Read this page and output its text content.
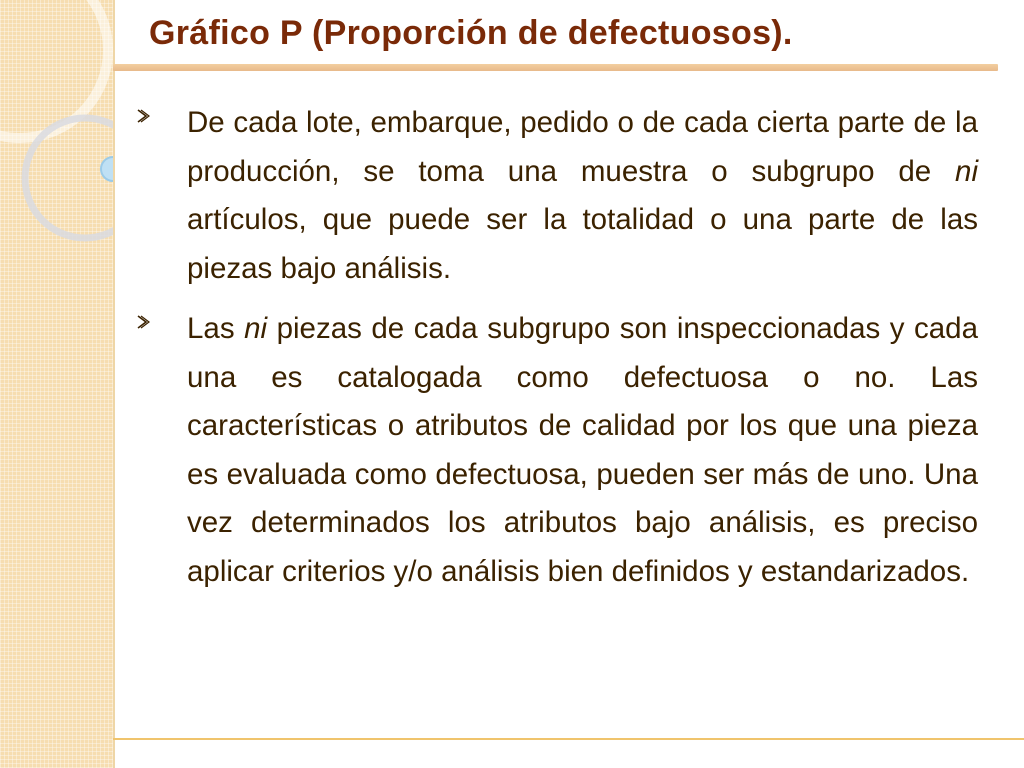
Gráfico P (Proporción de defectuosos).
De cada lote, embarque, pedido o de cada cierta parte de la producción, se toma una muestra o subgrupo de ni artículos, que puede ser la totalidad o una parte de las piezas bajo análisis.
Las ni piezas de cada subgrupo son inspeccionadas y cada una es catalogada como defectuosa o no. Las características o atributos de calidad por los que una pieza es evaluada como defectuosa, pueden ser más de uno. Una vez determinados los atributos bajo análisis, es preciso aplicar criterios y/o análisis bien definidos y estandarizados.
